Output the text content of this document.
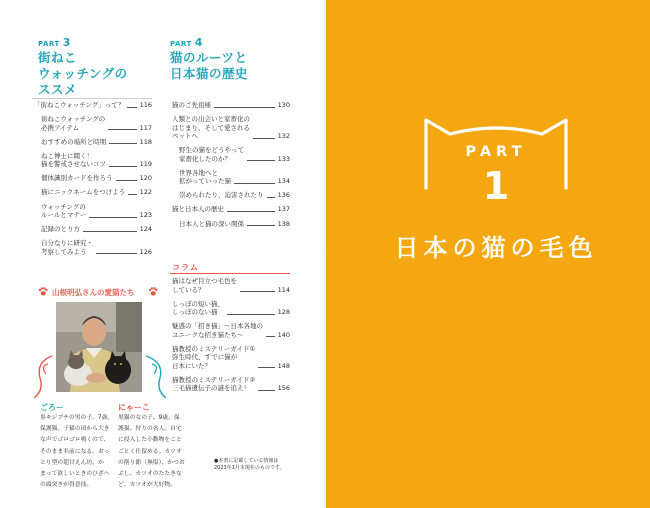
PART 3
街ねこ
ウォッチングの
ススメ
「街ねこウォッチング」って？ 116
街ねこウォッチングの
必携アイテム	117
おすすめの場所と時期	118
ねこ博士に聞く！
猫を警戒させないコツ	119
個体識別カードを作ろう	120
猫にニックネームをつけよう 122
ウォッチングの
ルールとマナー	123
記録のとり方	124
自分なりに研究・
考察してみよう	126
PART 4
猫のルーツと
日本猫の歴史
猫のご先祖様	130
人類との出会いと家畜化の
はじまり、そして愛される
ペットへ	132
野生の猫をどうやって
家畜化したのか？	133
世界各地へと
拡がっていった猫	134
崇められたり、迫害されたり 136
猫と日本人の歴史	137
日本人と猫の深い関係	138
コラム
猫はなぜ目立つ毛色を
している？	114
しっぽの短い猫、
しっぽのない猫	128
魅惑の「招き猫」～日本各地の
ユニークな招き猫たち～	140
猫教授のミステリーガイド①
弥生時代、すでに猫が
日本にいた？	148
猫教授のミステリーガイド②
三毛猫遺伝子の謎を追え！	156
山根明弘さんの愛猫たち
ごろー
黒キジブチの男の子。7歳。
保護猫。子猫の頃から大き
な声でゴロゴロ鳴くので、
そのまま名前になる。おっ
とり型の超甘えん坊。か
まって欲しいときのひざへ
の頭突きが得意技。
にゃーこ
黒猫の女の子。9歳。保
護猫。狩りの名人。自宅
に侵入した小動物をこと
ごとく仕留める。カツオ
の削り節（無塩）、かつお
ぶし、カツオのたたきな
ど、カツオが大好物。
●本書に記載している情報は
2023年1月末現在のものです。
PART
1
日本の猫の毛色
